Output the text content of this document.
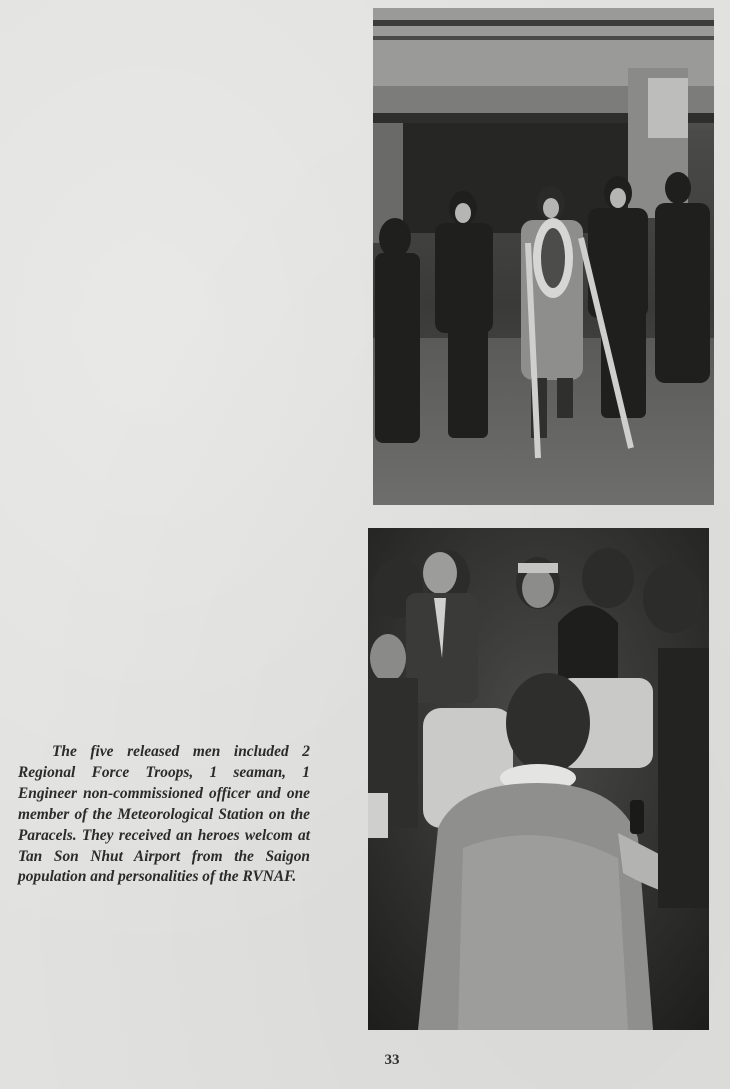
The five released men included 2 Regional Force Troops, 1 seaman, 1 Engineer non-commissioned officer and one member of the Meteorological Station on the Paracels. They received an heroes welcom at Tan Son Nhut Airport from the Saigon population and personalities of the RVNAF.

33
